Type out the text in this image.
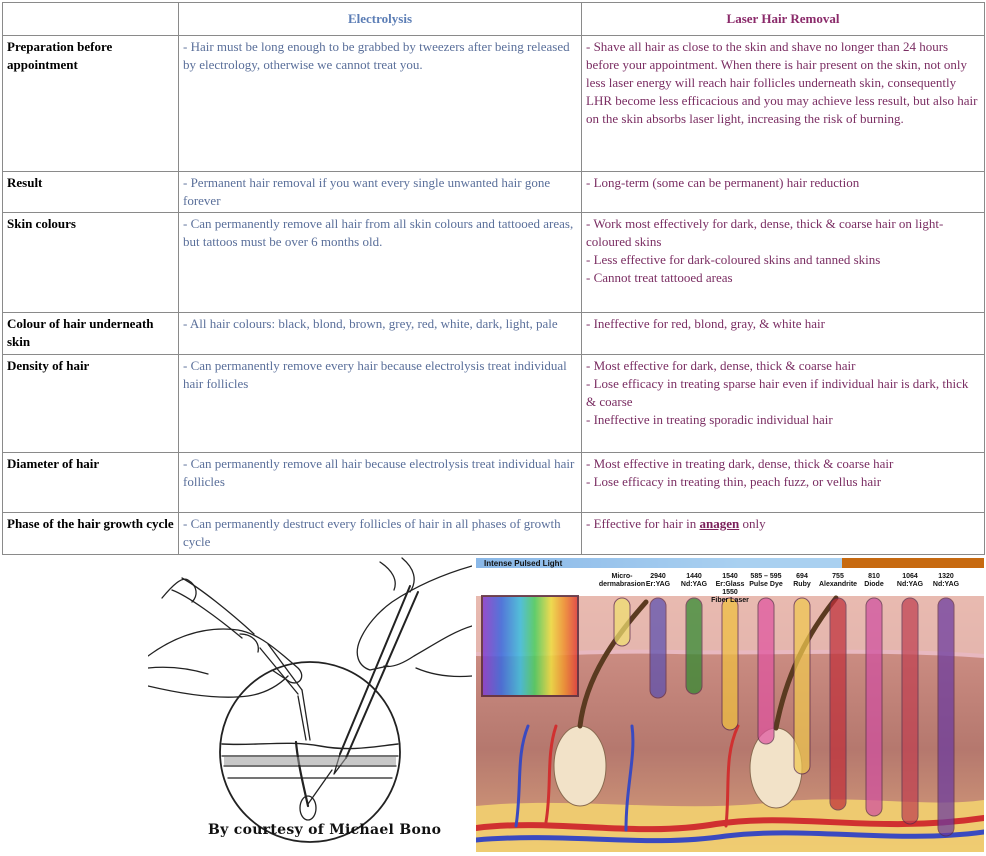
	Electrolysis	Laser Hair Removal
Preparation before appointment	- Hair must be long enough to be grabbed by tweezers after being released by electrology, otherwise we cannot treat you.	- Shave all hair as close to the skin and shave no longer than 24 hours before your appointment. When there is hair present on the skin, not only less laser energy will reach hair follicles underneath skin, consequently LHR become less efficacious and you may achieve less result, but also hair on the skin absorbs laser light, increasing the risk of burning.

Result	- Permanent hair removal if you want every single unwanted hair gone forever	- Long-term (some can be permanent) hair reduction

Skin colours	- Can permanently remove all hair from all skin colours and tattooed areas, but tattoos must be over 6 months old.	- Work most effectively for dark, dense, thick & coarse hair on light-coloured skins
- Less effective for dark-coloured skins and tanned skins
- Cannot treat tattooed areas

Colour of hair underneath skin	- All hair colours: black, blond, brown, grey, red, white, dark, light, pale	- Ineffective for red, blond, gray, & white hair

Density of hair	- Can permanently remove every hair because electrolysis treat individual hair follicles	- Most effective for dark, dense, thick & coarse hair
- Lose efficacy in treating sparse hair even if individual hair is dark, thick & coarse
- Ineffective in treating sporadic individual hair

Diameter of hair	- Can permanently remove all hair because electrolysis treat individual hair follicles	- Most effective in treating dark, dense, thick & coarse hair
- Lose efficacy in treating thin, peach fuzz, or vellus hair

Phase of the hair growth cycle	- Can permanently destruct every follicles of hair in all phases of growth cycle	- Effective for hair in anagen only
By courtesy of Michael Bono
Intense Pulsed Light
Micro-
dermabrasion
2940
Er:YAG
1440
Nd:YAG
1540
Er:Glass
1550
Fiber Laser
585 – 595
Pulse Dye
694
Ruby
755
Alexandrite
810
Diode
1064
Nd:YAG
1320
Nd:YAG
